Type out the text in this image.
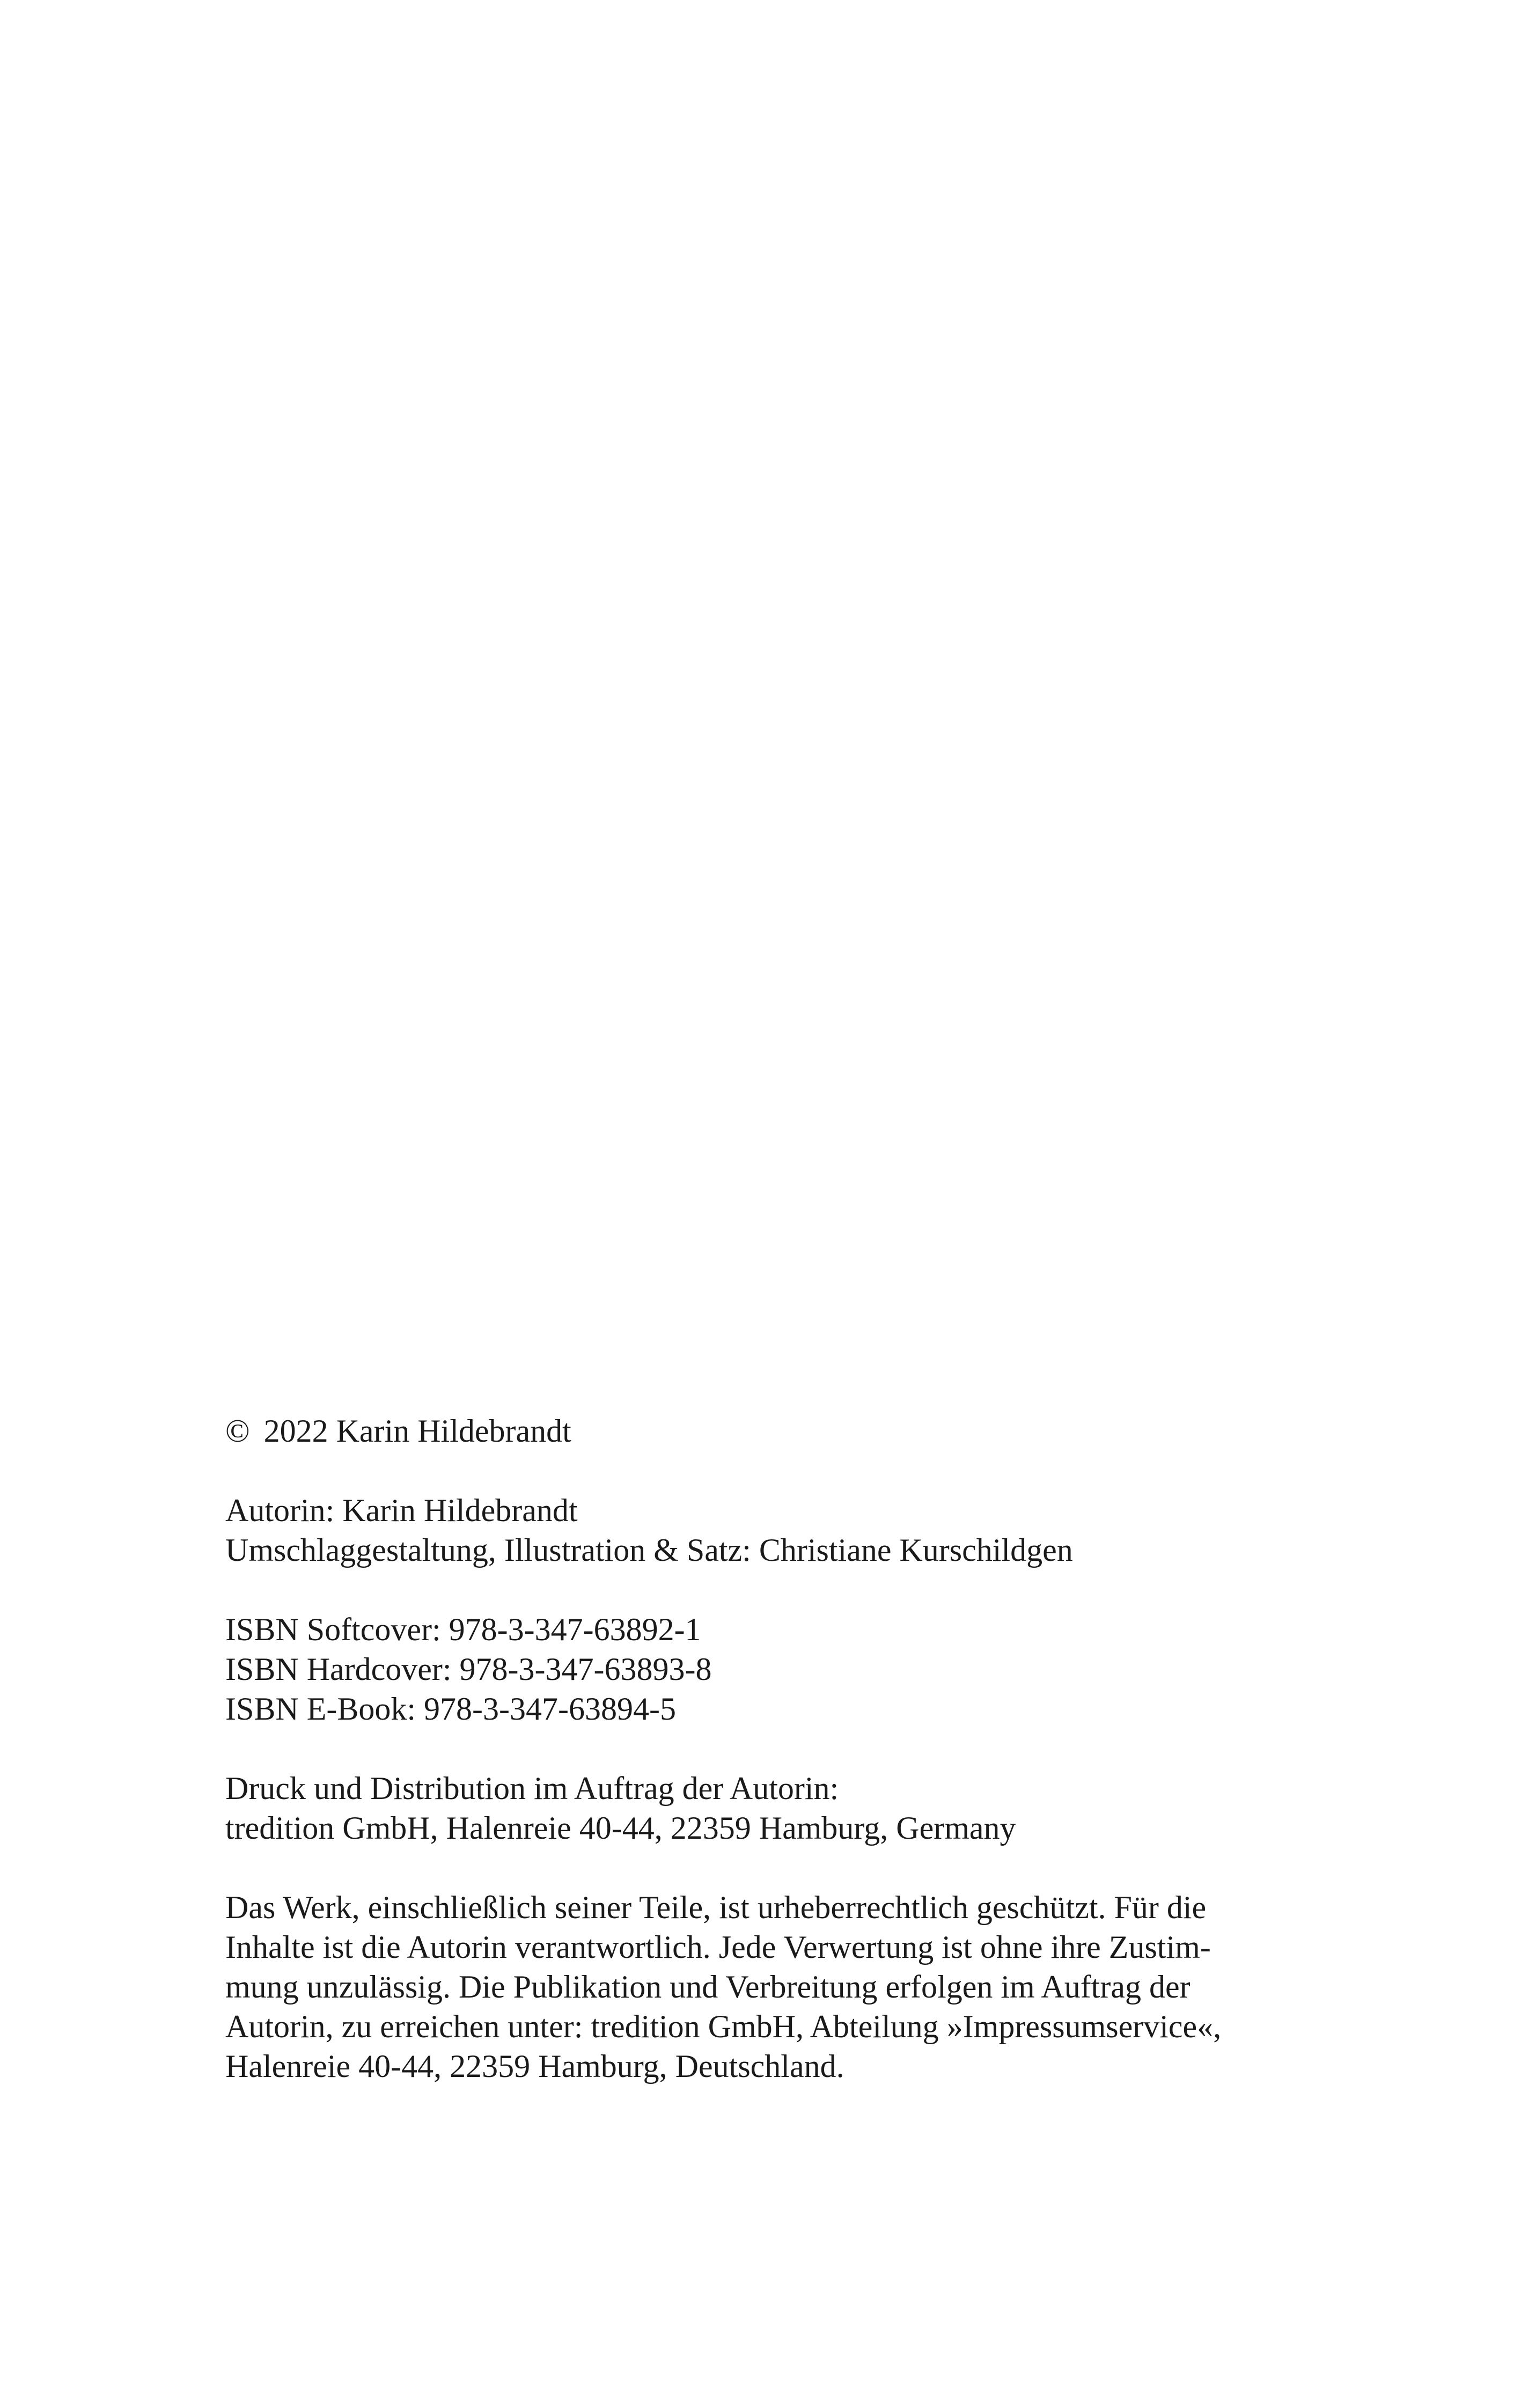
© 2022 Karin Hildebrandt

Autorin: Karin Hildebrandt
Umschlaggestaltung, Illustration & Satz: Christiane Kurschildgen

ISBN Softcover: 978-3-347-63892-1
ISBN Hardcover: 978-3-347-63893-8
ISBN E-Book: 978-3-347-63894-5

Druck und Distribution im Auftrag der Autorin:
tredition GmbH, Halenreie 40-44, 22359 Hamburg, Germany

Das Werk, einschließlich seiner Teile, ist urheberrechtlich geschützt. Für die
Inhalte ist die Autorin verantwortlich. Jede Verwertung ist ohne ihre Zustim-
mung unzulässig. Die Publikation und Verbreitung erfolgen im Auftrag der
Autorin, zu erreichen unter: tredition GmbH, Abteilung »Impressumservice«,
Halenreie 40-44, 22359 Hamburg, Deutschland.
